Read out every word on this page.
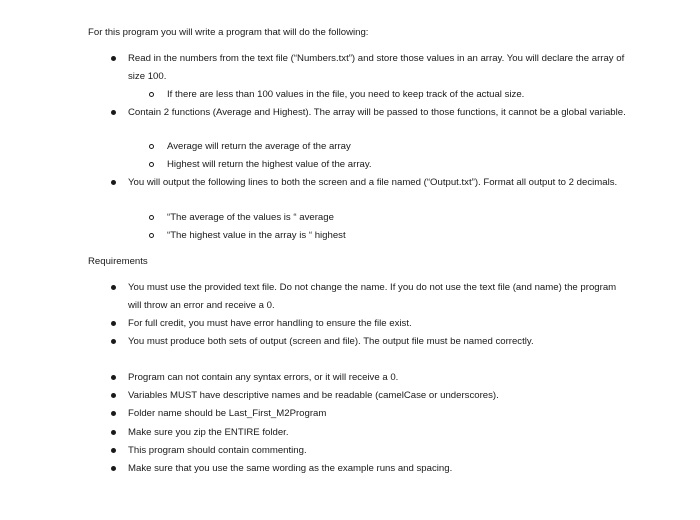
For this program you will write a program that will do the following:
Read in the numbers from the text file (“Numbers.txt”) and store those values in an array. You will declare the array of size 100.
If there are less than 100 values in the file, you need to keep track of the actual size.
Contain 2 functions (Average and Highest). The array will be passed to those functions, it cannot be a global variable.
Average will return the average of the array
Highest will return the highest value of the array.
You will output the following lines to both the screen and a file named (“Output.txt”). Format all output to 2 decimals.
“The average of the values is “ average
“The highest value in the array is “ highest
Requirements
You must use the provided text file. Do not change the name. If you do not use the text file (and name) the program will throw an error and receive a 0.
For full credit, you must have error handling to ensure the file exist.
You must produce both sets of output (screen and file). The output file must be named correctly.
Program can not contain any syntax errors, or it will receive a 0.
Variables MUST have descriptive names and be readable (camelCase or underscores).
Folder name should be Last_First_M2Program
Make sure you zip the ENTIRE folder.
This program should contain commenting.
Make sure that you use the same wording as the example runs and spacing.
